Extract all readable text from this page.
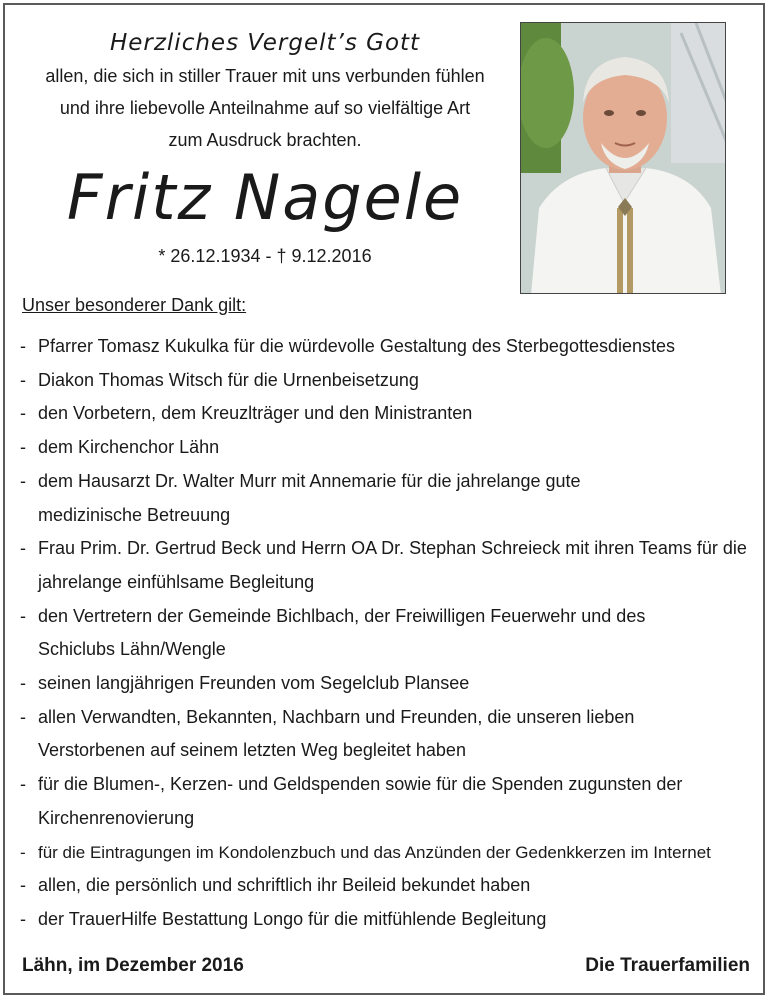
Herzliches Vergelt’s Gott
allen, die sich in stiller Trauer mit uns verbunden fühlen
und ihre liebevolle Anteilnahme auf so vielfältige Art
zum Ausdruck brachten.
Fritz Nagele
* 26.12.1934 - † 9.12.2016
Unser besonderer Dank gilt:
- Pfarrer Tomasz Kukulka für die würdevolle Gestaltung des Sterbegottesdienstes
- Diakon Thomas Witsch für die Urnenbeisetzung
- den Vorbetern, dem Kreuzlträger und den Ministranten
- dem Kirchenchor Lähn
- dem Hausarzt Dr. Walter Murr mit Annemarie für die jahrelange gute medizinische Betreuung
- Frau Prim. Dr. Gertrud Beck und Herrn OA Dr. Stephan Schreieck mit ihren Teams für die jahrelange einfühlsame Begleitung
- den Vertretern der Gemeinde Bichlbach, der Freiwilligen Feuerwehr und des Schiclubs Lähn/Wengle
- seinen langjährigen Freunden vom Segelclub Plansee
- allen Verwandten, Bekannten, Nachbarn und Freunden, die unseren lieben Verstorbenen auf seinem letzten Weg begleitet haben
- für die Blumen-, Kerzen- und Geldspenden sowie für die Spenden zugunsten der Kirchenrenovierung
- für die Eintragungen im Kondolenzbuch und das Anzünden der Gedenkkerzen im Internet
- allen, die persönlich und schriftlich ihr Beileid bekundet haben
- der TrauerHilfe Bestattung Longo für die mitfühlende Begleitung
Lähn, im Dezember 2016	Die Trauerfamilien
